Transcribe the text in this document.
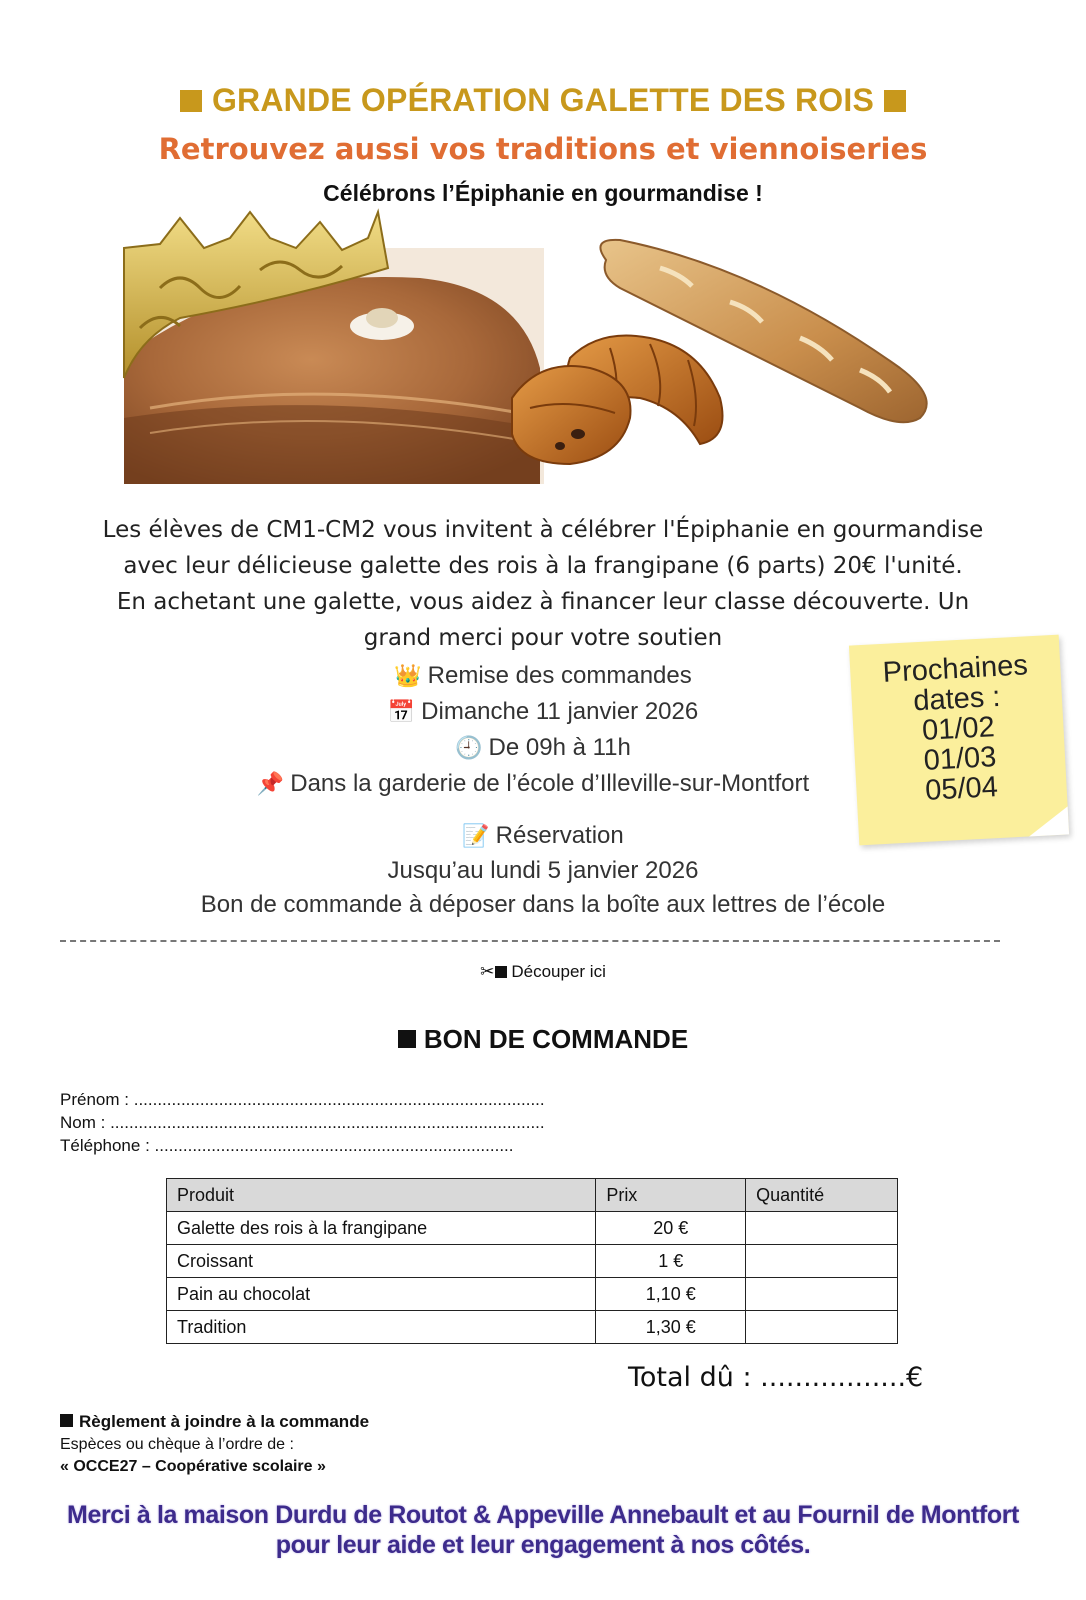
GRANDE OPÉRATION GALETTE DES ROIS
Retrouvez aussi vos traditions et viennoiseries
Célébrons l’Épiphanie en gourmandise !
Les élèves de CM1-CM2 vous invitent à célébrer l'Épiphanie en gourmandise
avec leur délicieuse galette des rois à la frangipane (6 parts) 20€ l'unité.
En achetant une galette, vous aidez à financer leur classe découverte. Un
grand merci pour votre soutien
👑 Remise des commandes
📅 Dimanche 11 janvier 2026
🕘 De 09h à 11h
📌 Dans la garderie de l’école d’Illeville-sur-Montfort
📝 Réservation
Jusqu’au lundi 5 janvier 2026
Bon de commande à déposer dans la boîte aux lettres de l’école
Prochaines dates :
01/02
01/03
05/04
✂ Découper ici
BON DE COMMANDE
Prénom : .......................................................................................
Nom : ............................................................................................
Téléphone : ............................................................................
Produit	Prix	Quantité
Galette des rois à la frangipane	20 €	
Croissant	1 €	
Pain au chocolat	1,10 €	
Tradition	1,30 €	
Total dû : .................€
Règlement à joindre à la commande
Espèces ou chèque à l’ordre de :
« OCCE27 – Coopérative scolaire »
Merci à la maison Durdu de Routot & Appeville Annebault et au Fournil de Montfort
pour leur aide et leur engagement à nos côtés.
